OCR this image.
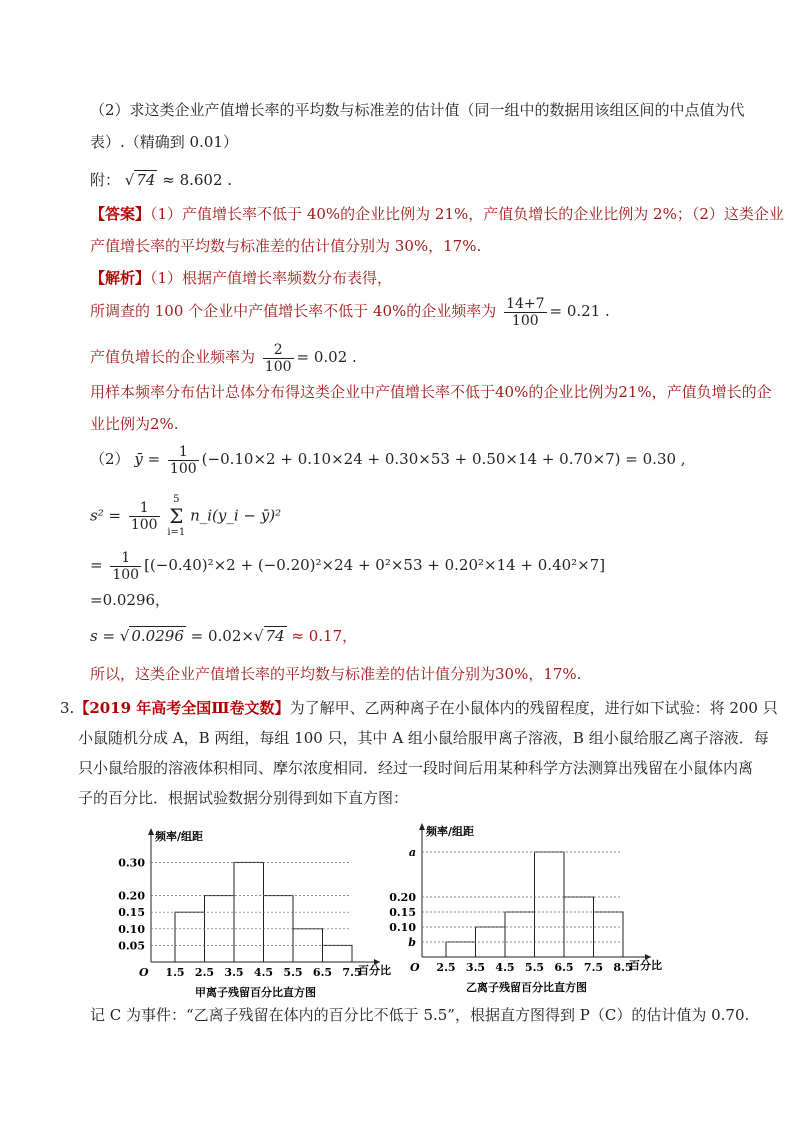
（2）求这类企业产值增长率的平均数与标准差的估计值（同一组中的数据用该组区间的中点值为代
表）.（精确到 0.01）
附： √ 74 ≈ 8.602 .
【答案】（1）产值增长率不低于 40%的企业比例为 21%，产值负增长的企业比例为 2%；（2）这类企业
产值增长率的平均数与标准差的估计值分别为 30%，17%.
【解析】（1）根据产值增长率频数分布表得，
所调查的 100 个企业中产值增长率不低于 40%的企业频率为 $\frac{14+7}{100} = 0.21$ .
产值负增长的企业频率为 $\frac{2}{100} = 0.02$ .
用样本频率分布估计总体分布得这类企业中产值增长率不低于40%的企业比例为21%，产值负增长的企
业比例为2%.
（2） ȳ = $\frac{1}{100} (-0.10\times 2 + 0.10\times 24 + 0.30\times 53 + 0.50\times 14 + 0.70\times 7) = 0.30$ ,
$s^2 = \frac{1}{100}$
5
Σ
i=1 n_i(y_i − ȳ)²
= $\frac{1}{100} [(-0.40)^2\times 2 + (-0.20)^2\times 24 + 0^2\times 53 + 0.20^2\times 14 + 0.40^2\times 7]$
=0.0296，
s = √ 0.0296 = 0.02×√ 74 ≈ 0.17，
所以，这类企业产值增长率的平均数与标准差的估计值分别为30%，17%.
3.【2019 年高考全国Ⅲ卷文数】为了解甲、乙两种离子在小鼠体内的残留程度，进行如下试验：将 200 只
小鼠随机分成 A，B 两组，每组 100 只，其中 A 组小鼠给服甲离子溶液，B 组小鼠给服乙离子溶液．每
只小鼠给服的溶液体积相同、摩尔浓度相同．经过一段时间后用某种科学方法测算出残留在小鼠体内离
子的百分比．根据试验数据分别得到如下直方图：
O
频率/组距
百分比
0.05
0.10
0.15
0.20
0.30
1.5 2.5 3.5 4.5 5.5 6.5 7.5
甲离子残留百分比直方图
O
频率/组距
百分比
b
0.10
0.15
0.20
a
2.5 3.5 4.5 5.5 6.5 7.5 8.5
乙离子残留百分比直方图
记 C 为事件：“乙离子残留在体内的百分比不低于 5.5”，根据直方图得到 P（C）的估计值为 0.70.
